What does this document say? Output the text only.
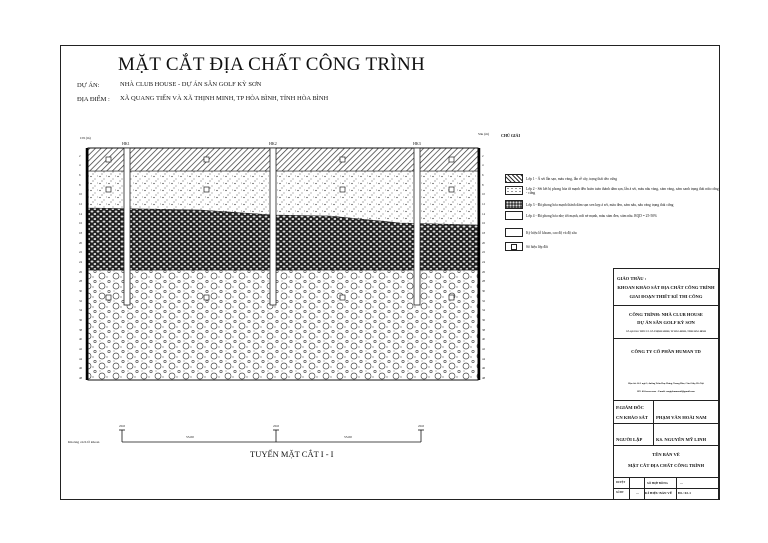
MẶT CẮT ĐỊA CHẤT CÔNG TRÌNH
DỰ ÁN:	NHÀ CLUB HOUSE - DỰ ÁN SÂN GOLF KỲ SƠN
ĐỊA ĐIỂM : XÃ QUANG TIẾN VÀ XÃ THỊNH MINH, TP HÒA BÌNH, TỈNH HÒA BÌNH
HK1	HK2	HK3
CĐ (m)
Sâu (m)
Khoảng cách lỗ khoan
20.0	20.0	20.0
55.00	55.00
TUYẾN MẶT CẮT I - I
CHÚ GIẢI
Lớp 1 - Á sét lẫn sạn, màu vàng, lẫn rễ cây, trạng thái dẻo cứng
Lớp 2 - Sét kết bị phong hóa từ mạnh đến hoàn toàn thành dăm sạn, lẫn á sét, màu nâu vàng, xám vàng, xám xanh trạng thái nửa cứng - cứng
Lớp 3 - Đá phong hóa mạnh thành dăm sạn xen kẹp á sét, màu đen, xám nâu, nâu vàng trạng thái cứng
Lớp 4 - Đá phong hóa nhẹ tới mạnh, nứt nẻ mạnh, màu xám đen, xám nâu. RQD = 25-50%
Ký hiệu lỗ khoan, cao độ và độ sâu
Số hiệu lớp đất
GIÁO THẦU :
KHOAN KHẢO SÁT ĐỊA CHẤT CÔNG TRÌNH
GIAI ĐOẠN THIẾT KẾ THI CÔNG
CÔNG TRÌNH: NHÀ CLUB HOUSE
DỰ ÁN SÂN GOLF KỲ SƠN
XÃ QUANG TIẾN VÀ XÃ THỊNH MINH, TP HÒA BÌNH, TỈNH HÒA BÌNH
CÔNG TY CỔ PHẦN HUMAN TD
Địa chỉ: Số 1 ngõ 1, đường Trần Duy Hưng, Trung Hòa, Cầu Giấy, Hà Nội
ĐT: 024.xxxx.xxxx - Email: congtyhumantd@gmail.com
P.GIÁM ĐỐC
CN KHẢO SÁT PHẠM VĂN HOÀI NAM
NGƯỜI LẬP	KS. NGUYỄN MỸ LINH
TÊN BẢN VẼ
MẶT CẮT ĐỊA CHẤT CÔNG TRÌNH
DUYỆT	SỐ HỢP ĐỒNG	—
SỐ BV	— KÍ HIỆU BẢN VẼ ĐL: 02-1
2	2
4	4
6	6
8	8
10	10
12	12
14	14
16	16
18	18
20	20
22	22
24	24
26	26
28	28
30	30
32	32
34	34
36	36
38	38
40	40
42	42
44	44
46	46
48	48
